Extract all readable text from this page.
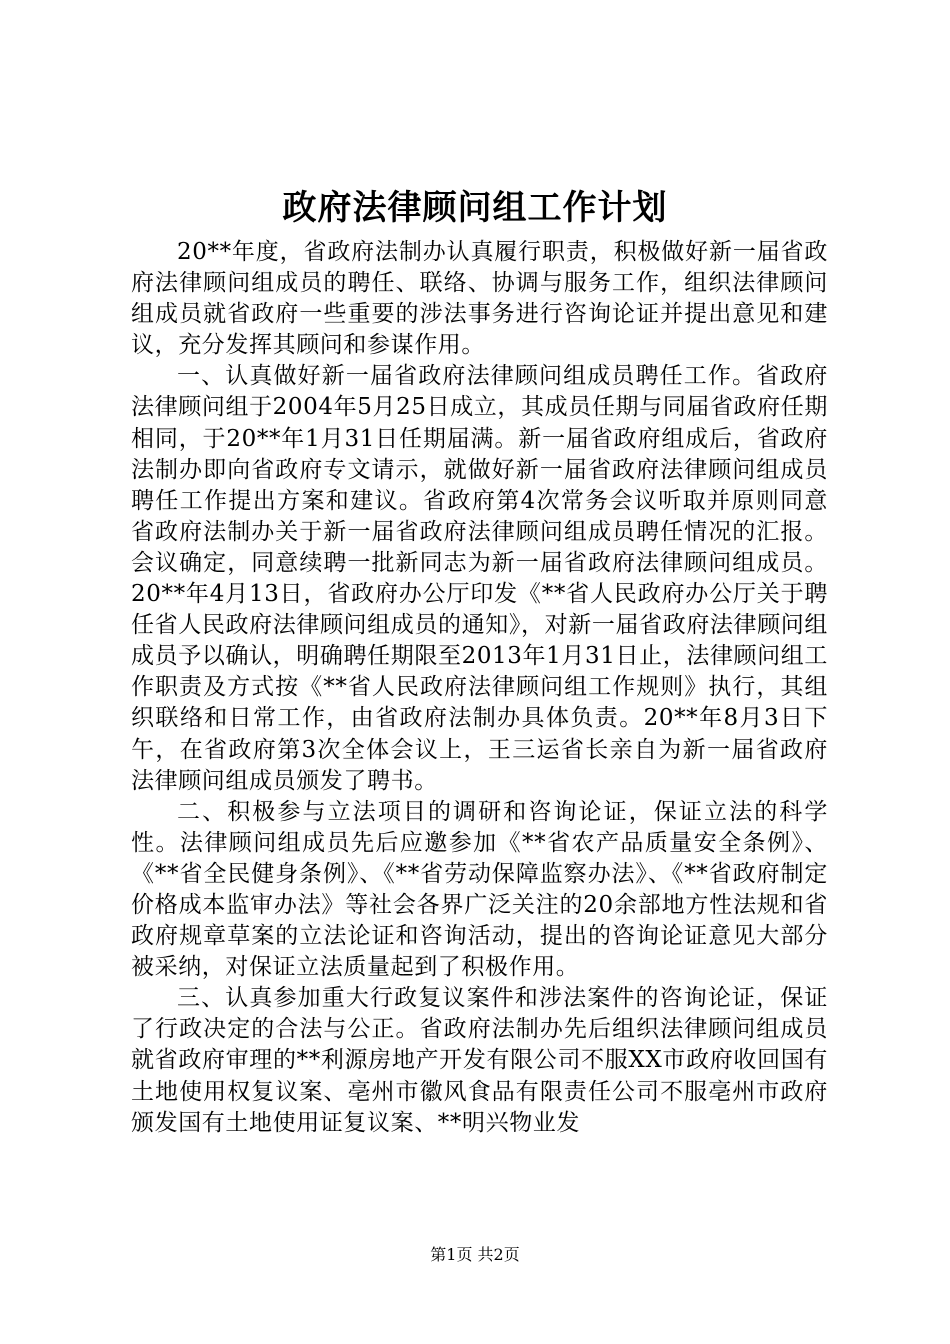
政府法律顾问组工作计划

20**年度，省政府法制办认真履行职责，积极做好新一届省政府法律顾问组成员的聘任、联络、协调与服务工作，组织法律顾问组成员就省政府一些重要的涉法事务进行咨询论证并提出意见和建议，充分发挥其顾问和参谋作用。

一、认真做好新一届省政府法律顾问组成员聘任工作。省政府法律顾问组于2004年5月25日成立，其成员任期与同届省政府任期相同，于20**年1月31日任期届满。新一届省政府组成后，省政府法制办即向省政府专文请示，就做好新一届省政府法律顾问组成员聘任工作提出方案和建议。省政府第4次常务会议听取并原则同意省政府法制办关于新一届省政府法律顾问组成员聘任情况的汇报。会议确定，同意续聘一批新同志为新一届省政府法律顾问组成员。20**年4月13日，省政府办公厅印发《**省人民政府办公厅关于聘任省人民政府法律顾问组成员的通知》，对新一届省政府法律顾问组成员予以确认，明确聘任期限至2013年1月31日止，法律顾问组工作职责及方式按《**省人民政府法律顾问组工作规则》执行，其组织联络和日常工作，由省政府法制办具体负责。20**年8月3日下午，在省政府第3次全体会议上，王三运省长亲自为新一届省政府法律顾问组成员颁发了聘书。

二、积极参与立法项目的调研和咨询论证，保证立法的科学性。法律顾问组成员先后应邀参加《**省农产品质量安全条例》、《**省全民健身条例》、《**省劳动保障监察办法》、《**省政府制定价格成本监审办法》等社会各界广泛关注的20余部地方性法规和省政府规章草案的立法论证和咨询活动，提出的咨询论证意见大部分被采纳，对保证立法质量起到了积极作用。

三、认真参加重大行政复议案件和涉法案件的咨询论证，保证了行政决定的合法与公正。省政府法制办先后组织法律顾问组成员就省政府审理的**利源房地产开发有限公司不服XX市政府收回国有土地使用权复议案、亳州市徽风食品有限责任公司不服亳州市政府颁发国有土地使用证复议案、**明兴物业发

第1页 共2页
